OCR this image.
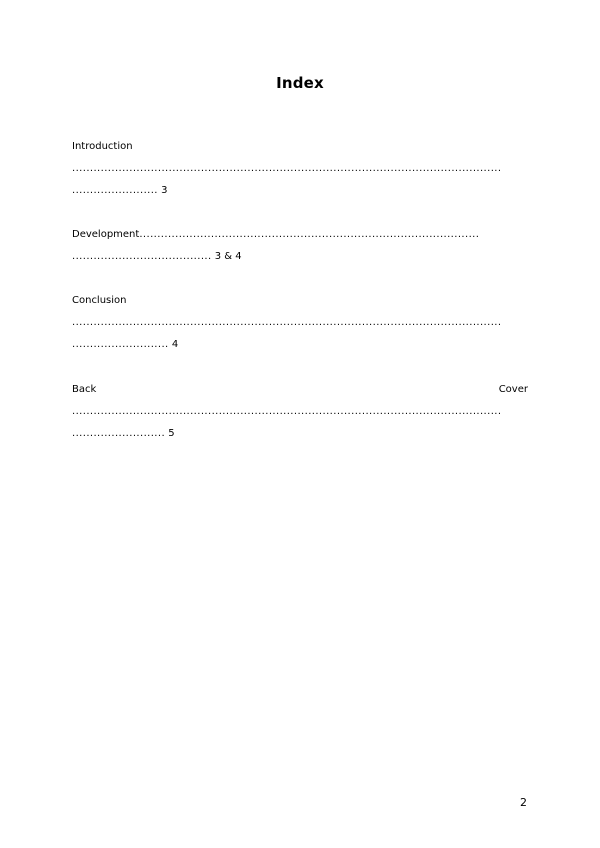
Index
Introduction
........................................................................................................................
........................ 3
Development...............................................................................................
....................................... 3 & 4
Conclusion
........................................................................................................................
........................... 4
Back	Cover
........................................................................................................................
.......................... 5
2
